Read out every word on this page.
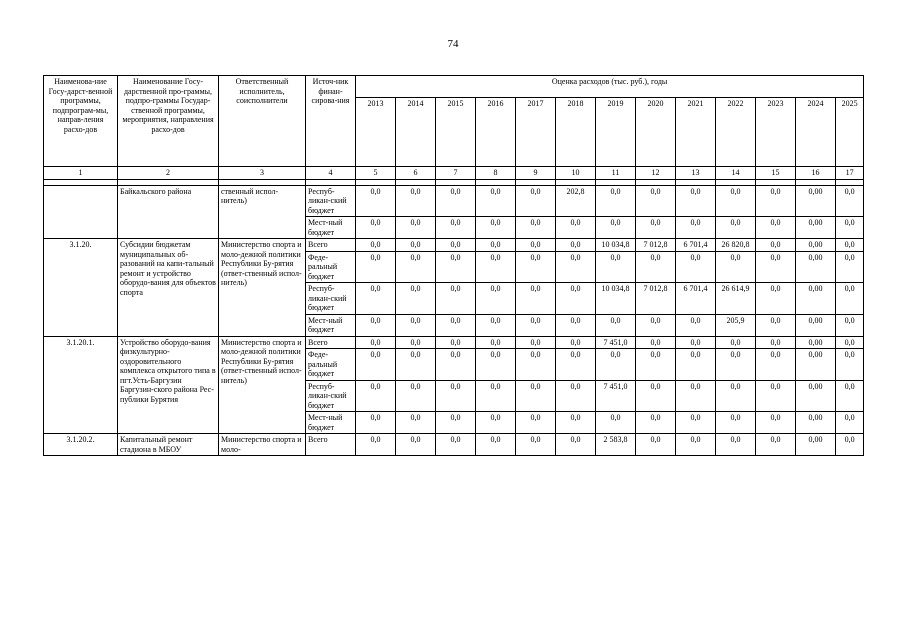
74
Наименова-ние Госу-дарст-венной программы, подпрограм-мы, направ-ления расхо-дов	Наименование Госу-дарственной про-граммы, подпро-граммы Государ-ственной программы, мероприятия, направления расхо-дов	Ответственный исполнитель, соисполнители	Источ-ник финан-сирова-ния	Оценка расходов (тыс. руб.), годы												
				2013	2014	2015	2016	2017	2018	2019	2020	2021	2022	2023	2024	2025
1	2	3	4	5	6	7	8	9	10	11	12	13	14	15	16	17

	Байкальского района	ственный испол-нитель)	Респуб-ликан-ский бюджет	0,0	0,0	0,0	0,0	0,0	202,8	0,0	0,0	0,0	0,0	0,0	0,00	0,0
			Мест-ный бюджет	0,0	0,0	0,0	0,0	0,0	0,0	0,0	0,0	0,0	0,0	0,0	0,00	0,0
3.1.20.	Субсидии бюджетам муниципальных об-разований на капи-тальный ремонт и устройство оборудо-вания для объектов спорта	Министерство спорта и моло-дежной политики Республики Бу-рятия (ответ-ственный испол-нитель)	Всего	0,0	0,0	0,0	0,0	0,0	0,0	10 034,8	7 012,8	6 701,4	26 820,8	0,0	0,00	0,0
			Феде-ральный бюджет	0,0	0,0	0,0	0,0	0,0	0,0	0,0	0,0	0,0	0,0	0,0	0,00	0,0
			Респуб-ликан-ский бюджет	0,0	0,0	0,0	0,0	0,0	0,0	10 034,8	7 012,8	6 701,4	26 614,9	0,0	0,00	0,0
			Мест-ный бюджет	0,0	0,0	0,0	0,0	0,0	0,0	0,0	0,0	0,0	205,9	0,0	0,00	0,0
3.1.20.1.	Устройство оборудо-вания физкультурно-оздоровительного комплекса открытого типа в пгт.Усть-Баргузин Баргузин-ского района Рес-публики Бурятия	Министерство спорта и моло-дежной политики Республики Бу-рятия (ответ-ственный испол-нитель)	Всего	0,0	0,0	0,0	0,0	0,0	0,0	7 451,0	0,0	0,0	0,0	0,0	0,00	0,0
			Феде-ральный бюджет	0,0	0,0	0,0	0,0	0,0	0,0	0,0	0,0	0,0	0,0	0,0	0,00	0,0
			Респуб-ликан-ский бюджет	0,0	0,0	0,0	0,0	0,0	0,0	7 451,0	0,0	0,0	0,0	0,0	0,00	0,0
			Мест-ный бюджет	0,0	0,0	0,0	0,0	0,0	0,0	0,0	0,0	0,0	0,0	0,0	0,00	0,0
3.1.20.2.	Капитальный ремонт стадиона в МБОУ	Министерство спорта и моло-	Всего	0,0	0,0	0,0	0,0	0,0	0,0	2 583,8	0,0	0,0	0,0	0,0	0,00	0,0
